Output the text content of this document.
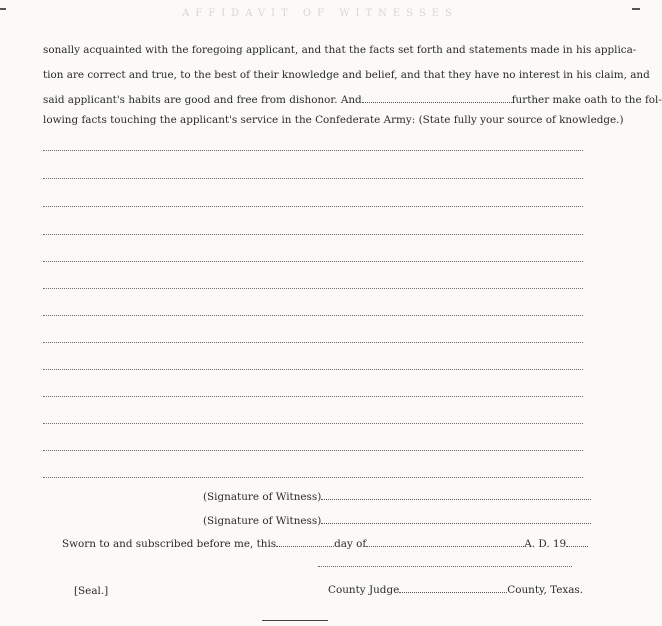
AFFIDAVIT OF WITNESSES
sonally acquainted with the foregoing applicant, and that the facts set forth and statements made in his applica-
tion are correct and true, to the best of their knowledge and belief, and that they have no interest in his claim, and
said applicant's habits are good and free from dishonor. And	further make oath to the fol-
lowing facts touching the applicant's service in the Confederate Army: (State fully your source of knowledge.)
(Signature of Witness)
(Signature of Witness)
Sworn to and subscribed before me, this	day of	A. D. 19
[Seal.]	County Judge	County, Texas.
